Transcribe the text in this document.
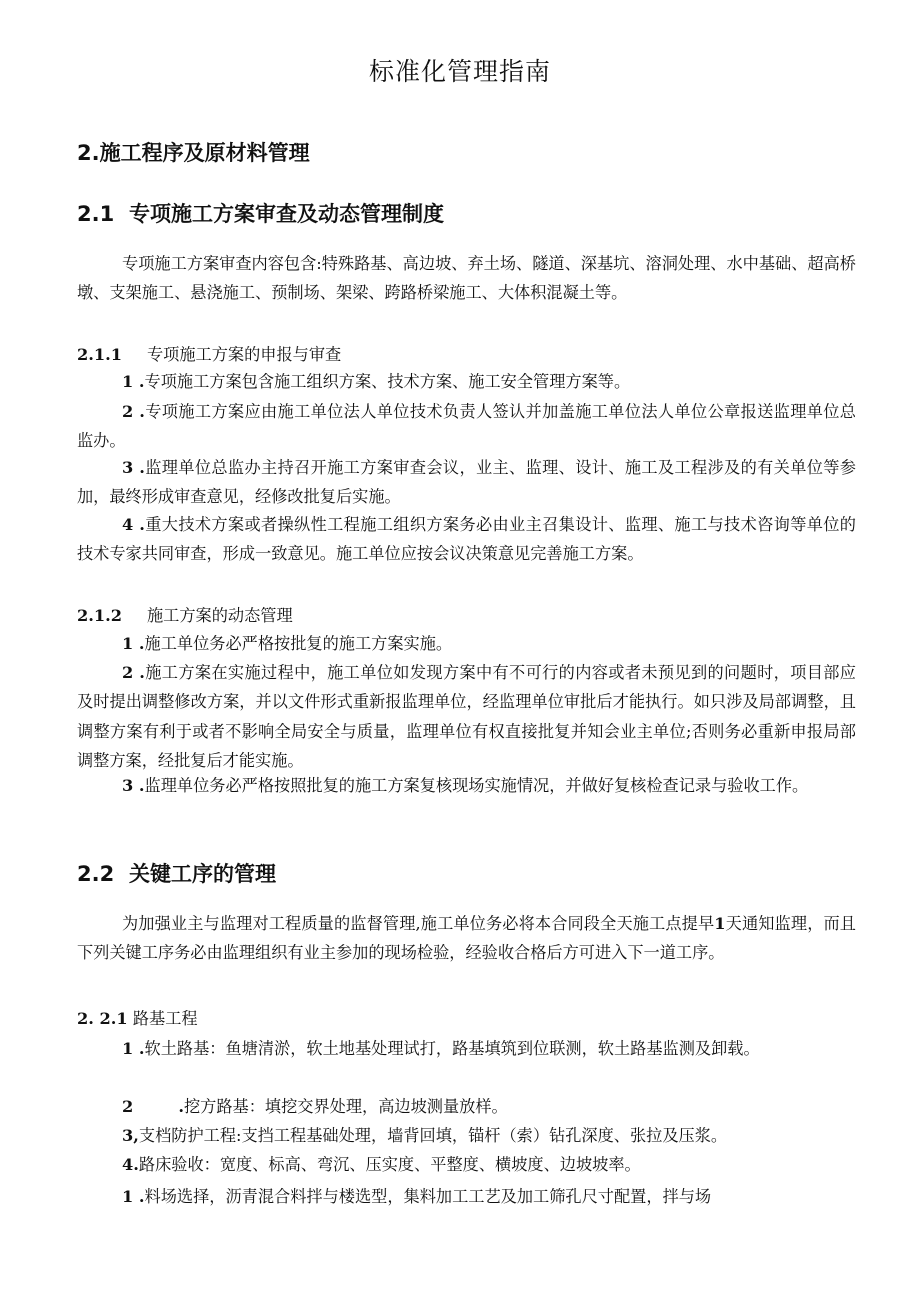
标准化管理指南
2.施工程序及原材料管理
2.1 专项施工方案审查及动态管理制度
专项施工方案审查内容包含:特殊路基、高边坡、弃土场、隧道、深基坑、溶洞处理、水中基础、超高桥墩、支架施工、悬浇施工、预制场、架梁、跨路桥梁施工、大体积混凝土等。
2.1.1 专项施工方案的申报与审查
1 .专项施工方案包含施工组织方案、技术方案、施工安全管理方案等。
2 .专项施工方案应由施工单位法人单位技术负责人签认并加盖施工单位法人单位公章报送监理单位总监办。
3 .监理单位总监办主持召开施工方案审查会议，业主、监理、设计、施工及工程涉及的有关单位等参加，最终形成审查意见，经修改批复后实施。
4 .重大技术方案或者操纵性工程施工组织方案务必由业主召集设计、监理、施工与技术咨询等单位的技术专家共同审查，形成一致意见。施工单位应按会议决策意见完善施工方案。
2.1.2 施工方案的动态管理
1 .施工单位务必严格按批复的施工方案实施。
2 .施工方案在实施过程中，施工单位如发现方案中有不可行的内容或者未预见到的问题时，项目部应及时提出调整修改方案，并以文件形式重新报监理单位，经监理单位审批后才能执行。如只涉及局部调整，且调整方案有利于或者不影响全局安全与质量，监理单位有权直接批复并知会业主单位;否则务必重新申报局部调整方案，经批复后才能实施。
3 .监理单位务必严格按照批复的施工方案复核现场实施情况，并做好复核检查记录与验收工作。
2.2 关键工序的管理
为加强业主与监理对工程质量的监督管理,施工单位务必将本合同段全天施工点提早1天通知监理，而且下列关键工序务必由监理组织有业主参加的现场检验，经验收合格后方可进入下一道工序。
2. 2.1 路基工程
1 .软土路基：鱼塘清淤，软土地基处理试打，路基填筑到位联测，软土路基监测及卸载。
2        .挖方路基：填挖交界处理，高边坡测量放样。
3,支档防护工程:支挡工程基础处理，墙背回填，锚杆（索）钻孔深度、张拉及压浆。
4.路床验收：宽度、标高、弯沉、压实度、平整度、横坡度、边坡坡率。
1 .料场选择，沥青混合料拌与楼选型，集料加工工艺及加工筛孔尺寸配置，拌与场
